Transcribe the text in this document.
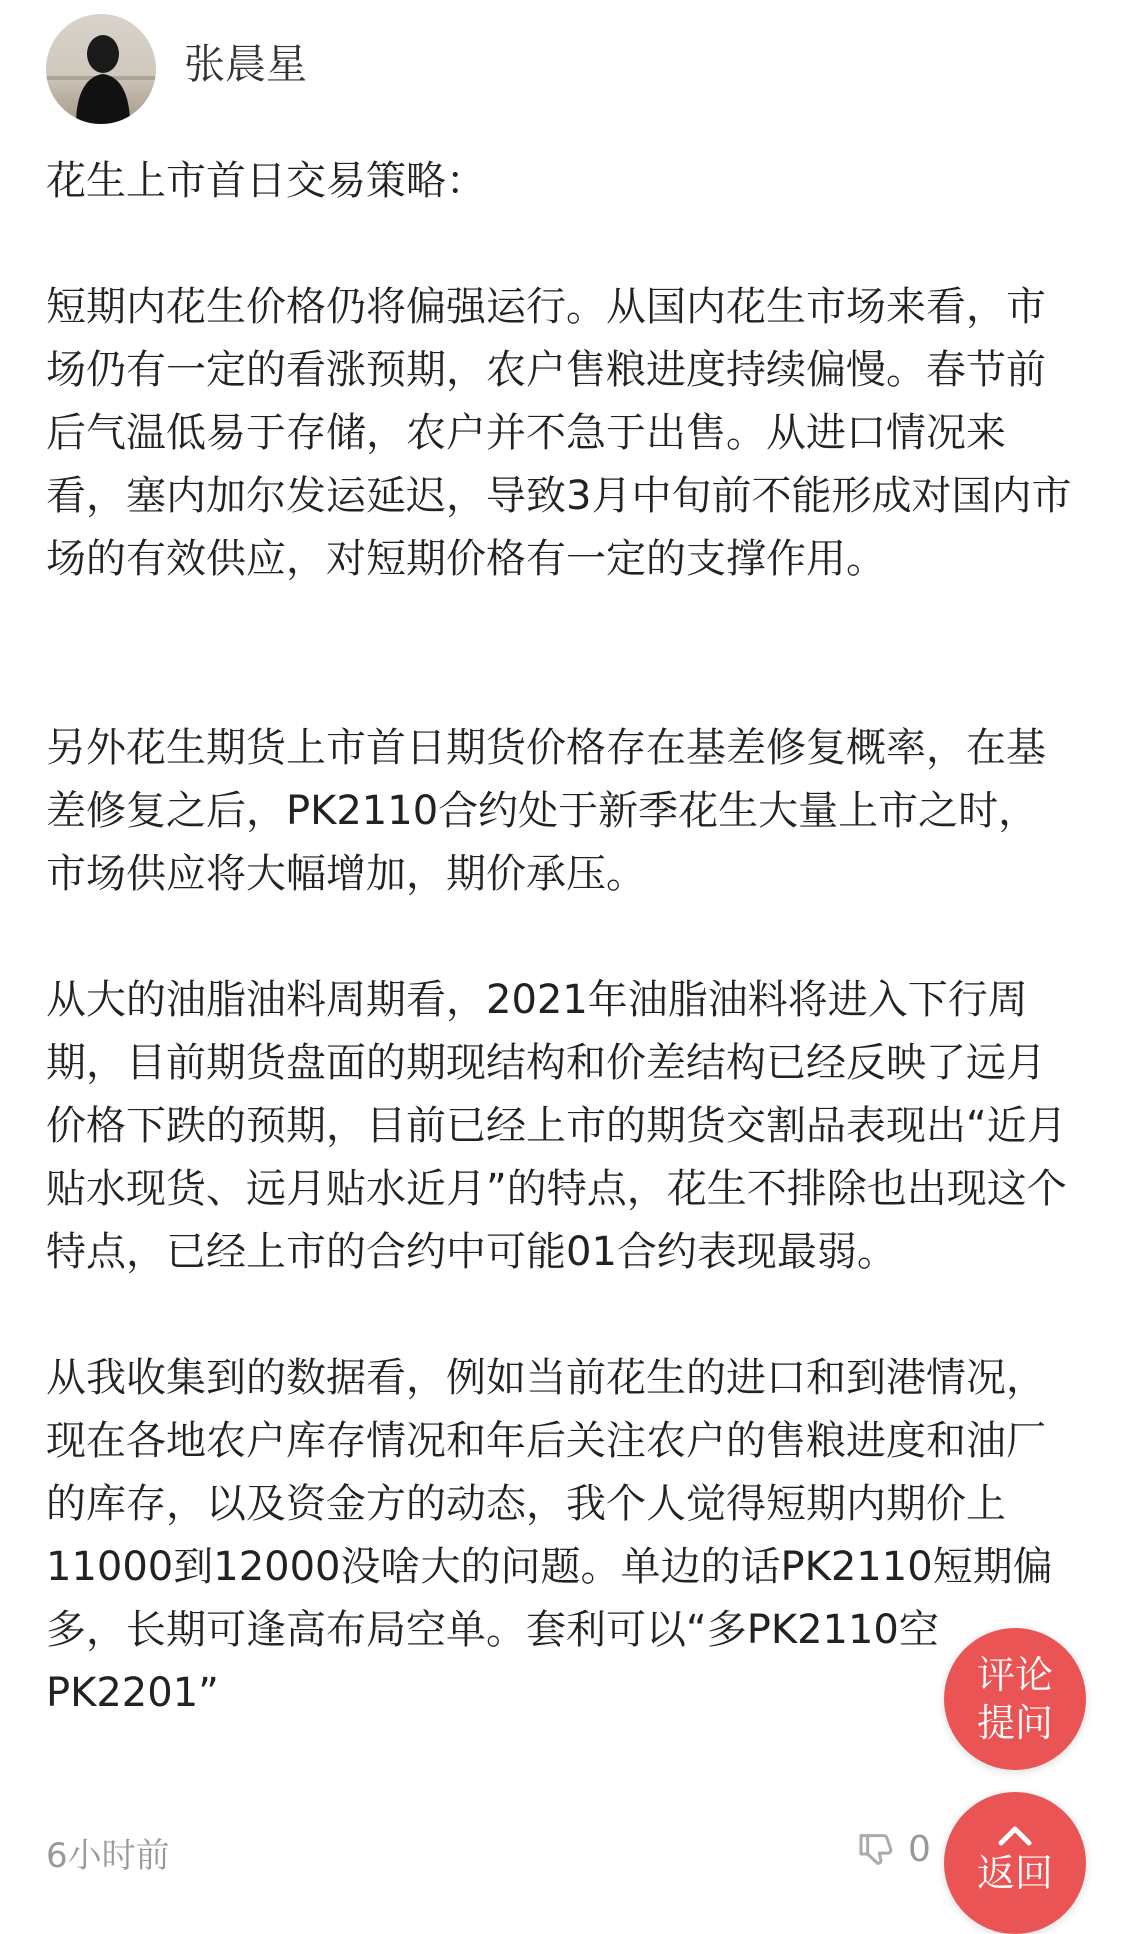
张晨星

花生上市首日交易策略：

短期内花生价格仍将偏强运行。从国内花生市场来看，市场仍有一定的看涨预期，农户售粮进度持续偏慢。春节前后气温低易于存储，农户并不急于出售。从进口情况来看，塞内加尔发运延迟，导致3月中旬前不能形成对国内市场的有效供应，对短期价格有一定的支撑作用。

另外花生期货上市首日期货价格存在基差修复概率，在基差修复之后，PK2110合约处于新季花生大量上市之时，市场供应将大幅增加，期价承压。

从大的油脂油料周期看，2021年油脂油料将进入下行周期，目前期货盘面的期现结构和价差结构已经反映了远月价格下跌的预期，目前已经上市的期货交割品表现出“近月贴水现货、远月贴水近月”的特点，花生不排除也出现这个特点，已经上市的合约中可能01合约表现最弱。

从我收集到的数据看，例如当前花生的进口和到港情况，现在各地农户库存情况和年后关注农户的售粮进度和油厂的库存，以及资金方的动态，我个人觉得短期内期价上11000到12000没啥大的问题。单边的话PK2110短期偏多，长期可逢高布局空单。套利可以“多PK2110空PK2201”

6小时前	0
评论
提问
返回
